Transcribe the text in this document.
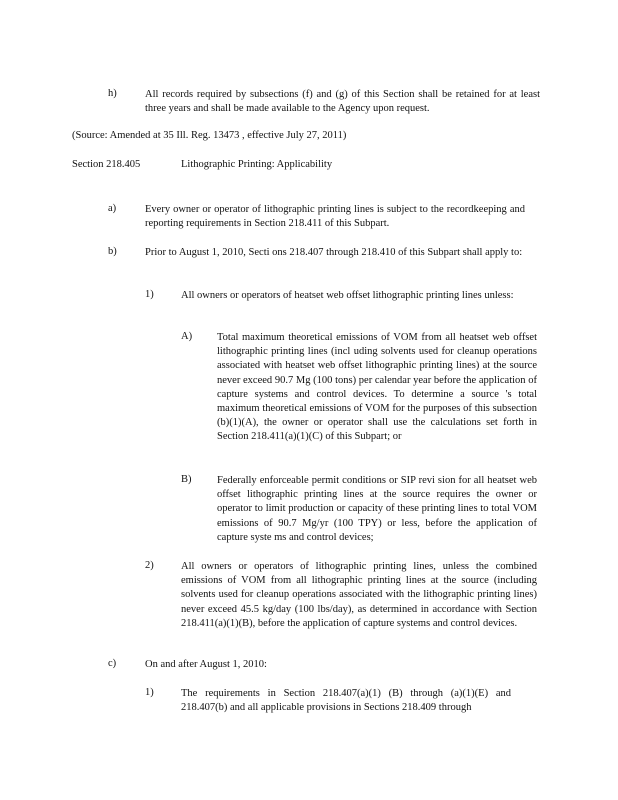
h)	All records required by subsections (f) and (g) of this Section shall be retained for at least three years and shall be made available to the Agency upon request.
(Source: Amended at 35 Ill. Reg. 13473 , effective July 27, 2011)
Section 218.405	Lithographic Printing: Applicability
a)	Every owner or operator of lithographic printing lines is subject to the recordkeeping and reporting requirements in Section 218.411 of this Subpart.
b)	Prior to August 1, 2010, Secti ons 218.407 through 218.410 of this Subpart shall apply to:
1)	All owners or operators of heatset web offset lithographic printing lines unless:
A) Total maximum theoretical emissions of VOM from all heatset web offset lithographic printing lines (incl uding solvents used for cleanup operations associated with heatset web offset lithographic printing lines) at the source never exceed 90.7 Mg (100 tons) per calendar year before the application of capture systems and control devices. To determine a source 's total maximum theoretical emissions of VOM for the purposes of this subsection (b)(1)(A), the owner or operator shall use the calculations set forth in Section 218.411(a)(1)(C) of this Subpart; or
B) Federally enforceable permit conditions or SIP revi sion for all heatset web offset lithographic printing lines at the source requires the owner or operator to limit production or capacity of these printing lines to total VOM emissions of 90.7 Mg/yr (100 TPY) or less, before the application of capture syste ms and control devices;
2)	All owners or operators of lithographic printing lines, unless the combined emissions of VOM from all lithographic printing lines at the source (including solvents used for cleanup operations associated with the lithographic printing lines) never exceed 45.5 kg/day (100 lbs/day), as determined in accordance with Section 218.411(a)(1)(B), before the application of capture systems and control devices.
c)	On and after August 1, 2010:
1)	The requirements in Section 218.407(a)(1) (B) through (a)(1)(E) and 218.407(b) and all applicable provisions in Sections 218.409 through
